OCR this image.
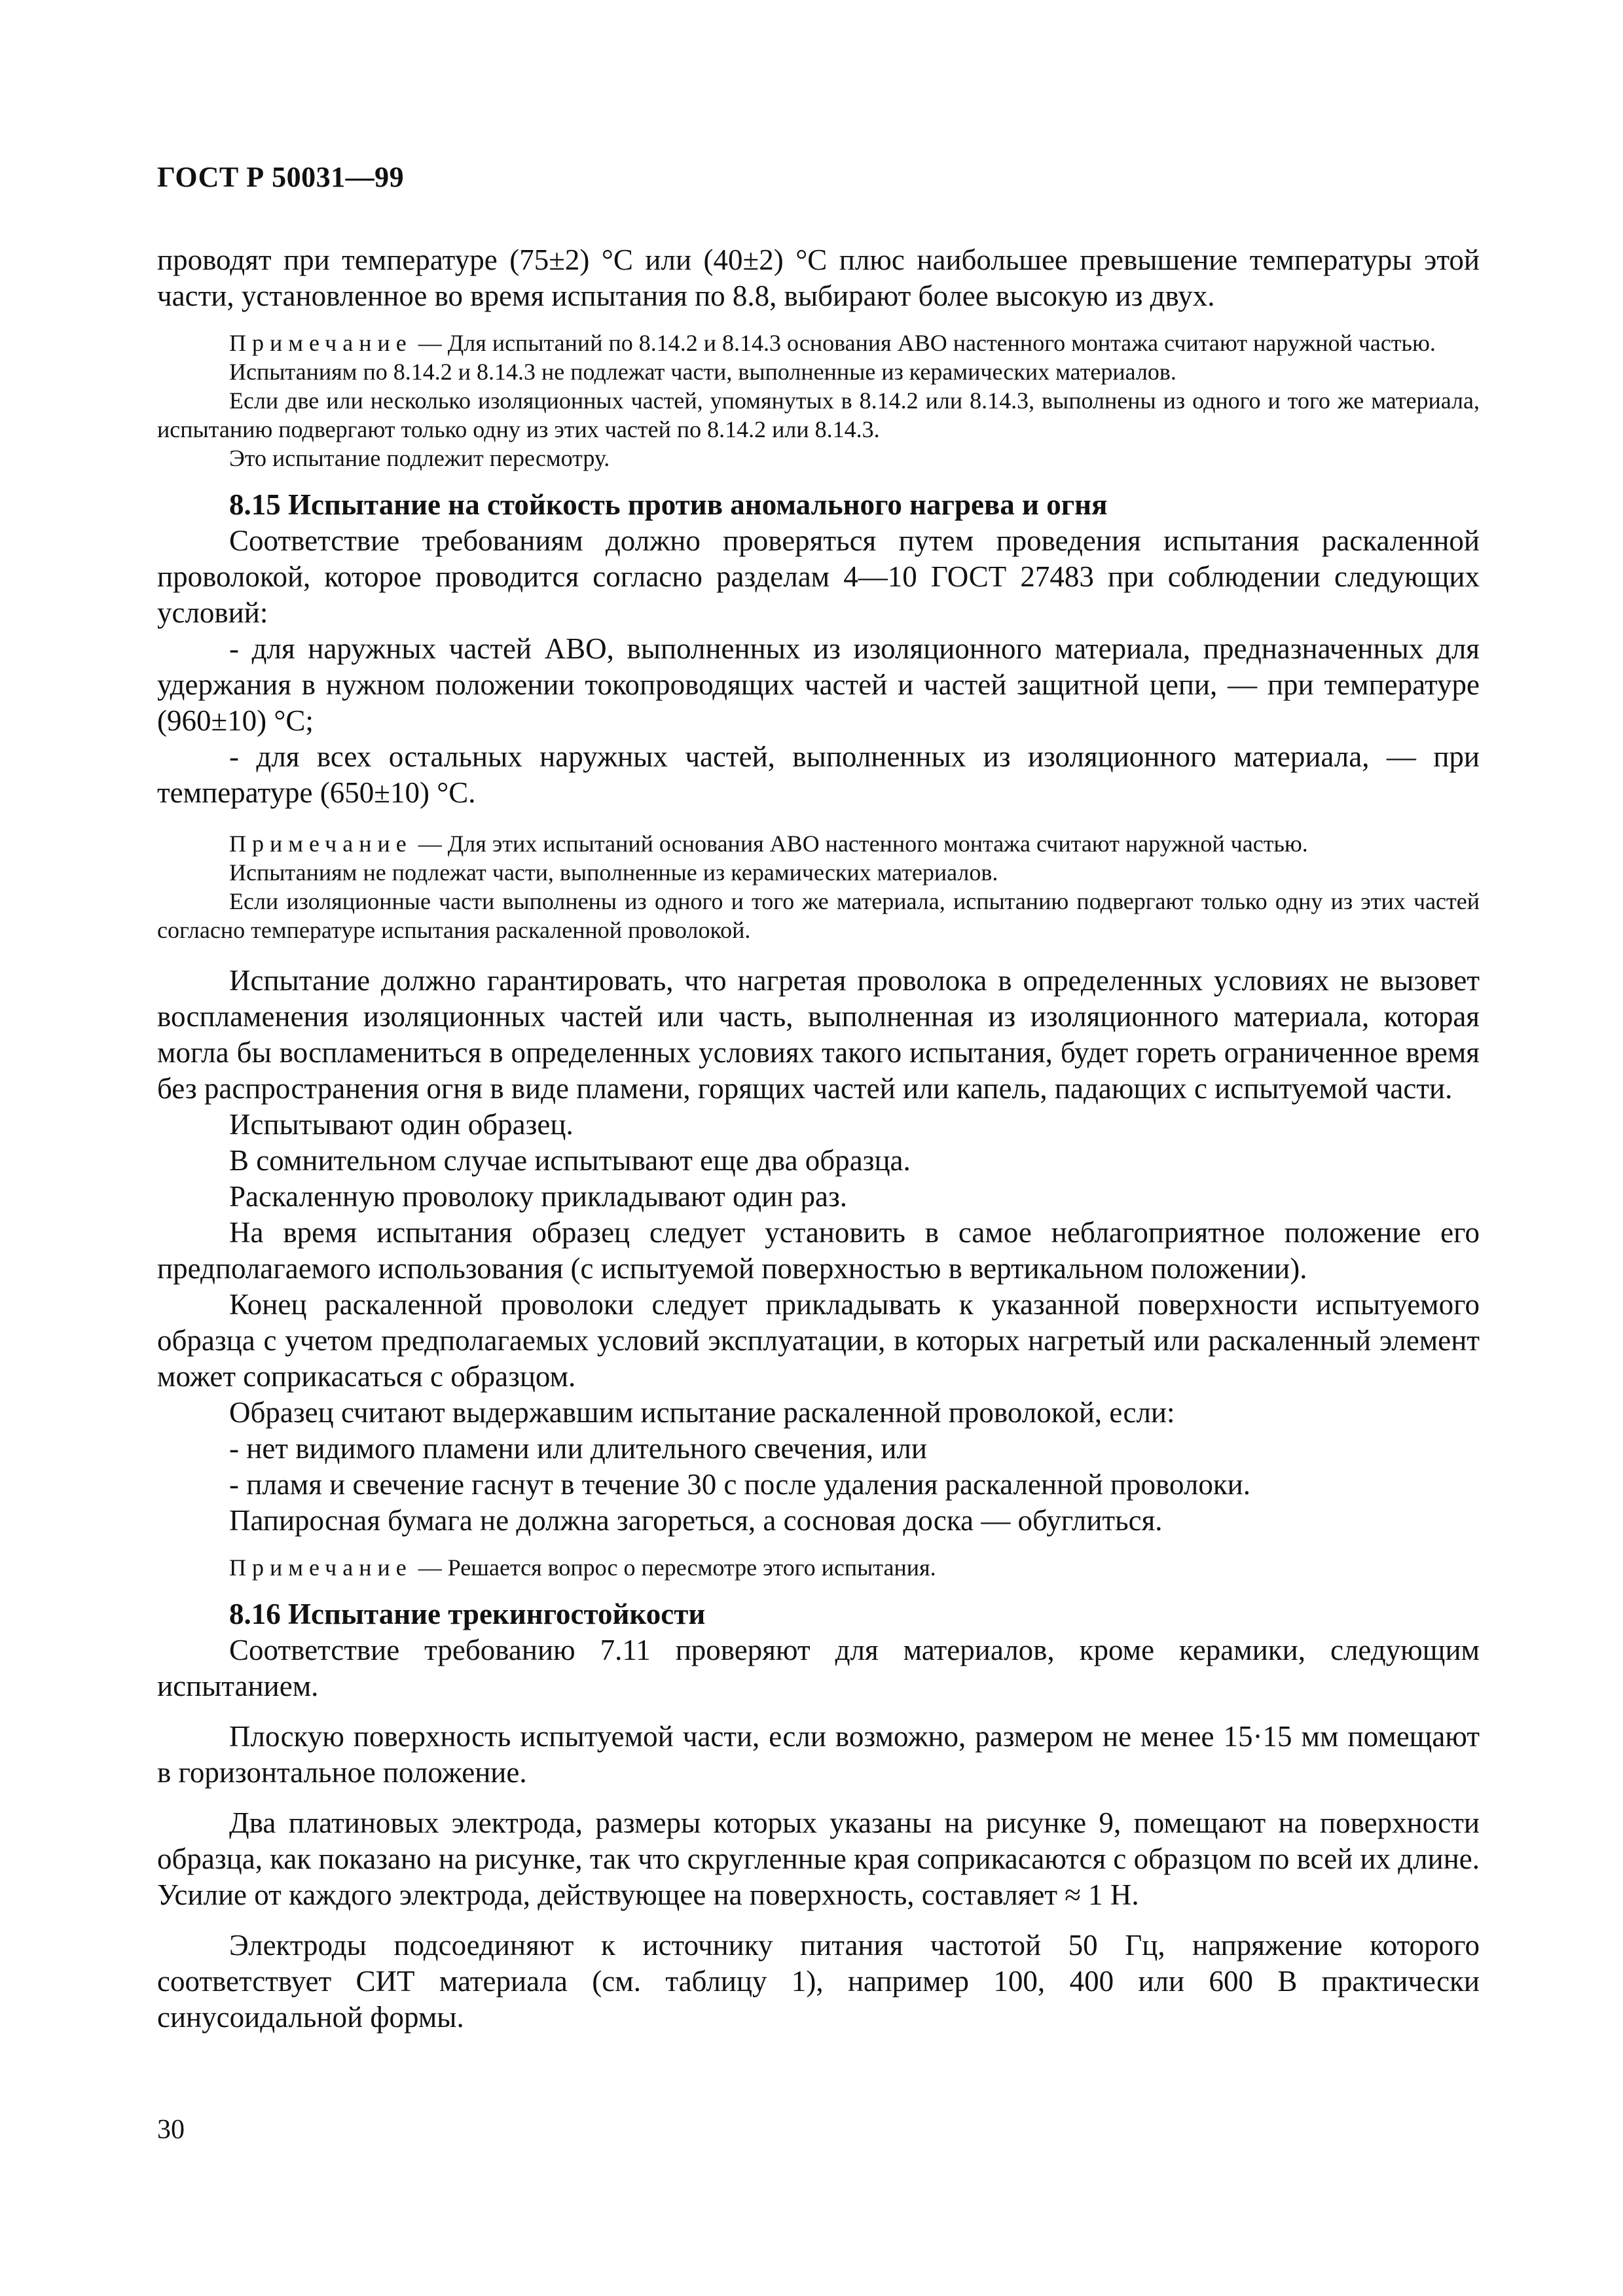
ГОСТ Р 50031—99

проводят при температуре (75±2) °С или (40±2) °С плюс наибольшее превышение температуры этой части, установленное во время испытания по 8.8, выбирают более высокую из двух.

Примечание — Для испытаний по 8.14.2 и 8.14.3 основания АВО настенного монтажа считают наружной частью.

Испытаниям по 8.14.2 и 8.14.3 не подлежат части, выполненные из керамических материалов.

Если две или несколько изоляционных частей, упомянутых в 8.14.2 или 8.14.3, выполнены из одного и того же материала, испытанию подвергают только одну из этих частей по 8.14.2 или 8.14.3.

Это испытание подлежит пересмотру.

8.15 Испытание на стойкость против аномального нагрева и огня

Соответствие требованиям должно проверяться путем проведения испытания раскаленной проволокой, которое проводится согласно разделам 4—10 ГОСТ 27483 при соблюдении следующих условий:

- для наружных частей АВО, выполненных из изоляционного материала, предназначенных для удержания в нужном положении токопроводящих частей и частей защитной цепи, — при температуре (960±10) °С;

- для всех остальных наружных частей, выполненных из изоляционного материала, — при температуре (650±10) °С.

Примечание — Для этих испытаний основания АВО настенного монтажа считают наружной частью.

Испытаниям не подлежат части, выполненные из керамических материалов.

Если изоляционные части выполнены из одного и того же материала, испытанию подвергают только одну из этих частей согласно температуре испытания раскаленной проволокой.

Испытание должно гарантировать, что нагретая проволока в определенных условиях не вызовет воспламенения изоляционных частей или часть, выполненная из изоляционного материала, которая могла бы воспламениться в определенных условиях такого испытания, будет гореть ограниченное время без распространения огня в виде пламени, горящих частей или капель, падающих с испытуемой части.

Испытывают один образец.

В сомнительном случае испытывают еще два образца.

Раскаленную проволоку прикладывают один раз.

На время испытания образец следует установить в самое неблагоприятное положение его предполагаемого использования (с испытуемой поверхностью в вертикальном положении).

Конец раскаленной проволоки следует прикладывать к указанной поверхности испытуемого образца с учетом предполагаемых условий эксплуатации, в которых нагретый или раскаленный элемент может соприкасаться с образцом.

Образец считают выдержавшим испытание раскаленной проволокой, если:

- нет видимого пламени или длительного свечения, или

- пламя и свечение гаснут в течение 30 с после удаления раскаленной проволоки.

Папиросная бумага не должна загореться, а сосновая доска — обуглиться.

Примечание — Решается вопрос о пересмотре этого испытания.

8.16 Испытание трекингостойкости

Соответствие требованию 7.11 проверяют для материалов, кроме керамики, следующим испытанием.

Плоскую поверхность испытуемой части, если возможно, размером не менее 15·15 мм помещают в горизонтальное положение.

Два платиновых электрода, размеры которых указаны на рисунке 9, помещают на поверхности образца, как показано на рисунке, так что скругленные края соприкасаются с образцом по всей их длине. Усилие от каждого электрода, действующее на поверхность, составляет ≈ 1 Н.

Электроды подсоединяют к источнику питания частотой 50 Гц, напряжение которого соответствует СИТ материала (см. таблицу 1), например 100, 400 или 600 В практически синусоидальной формы.

30
